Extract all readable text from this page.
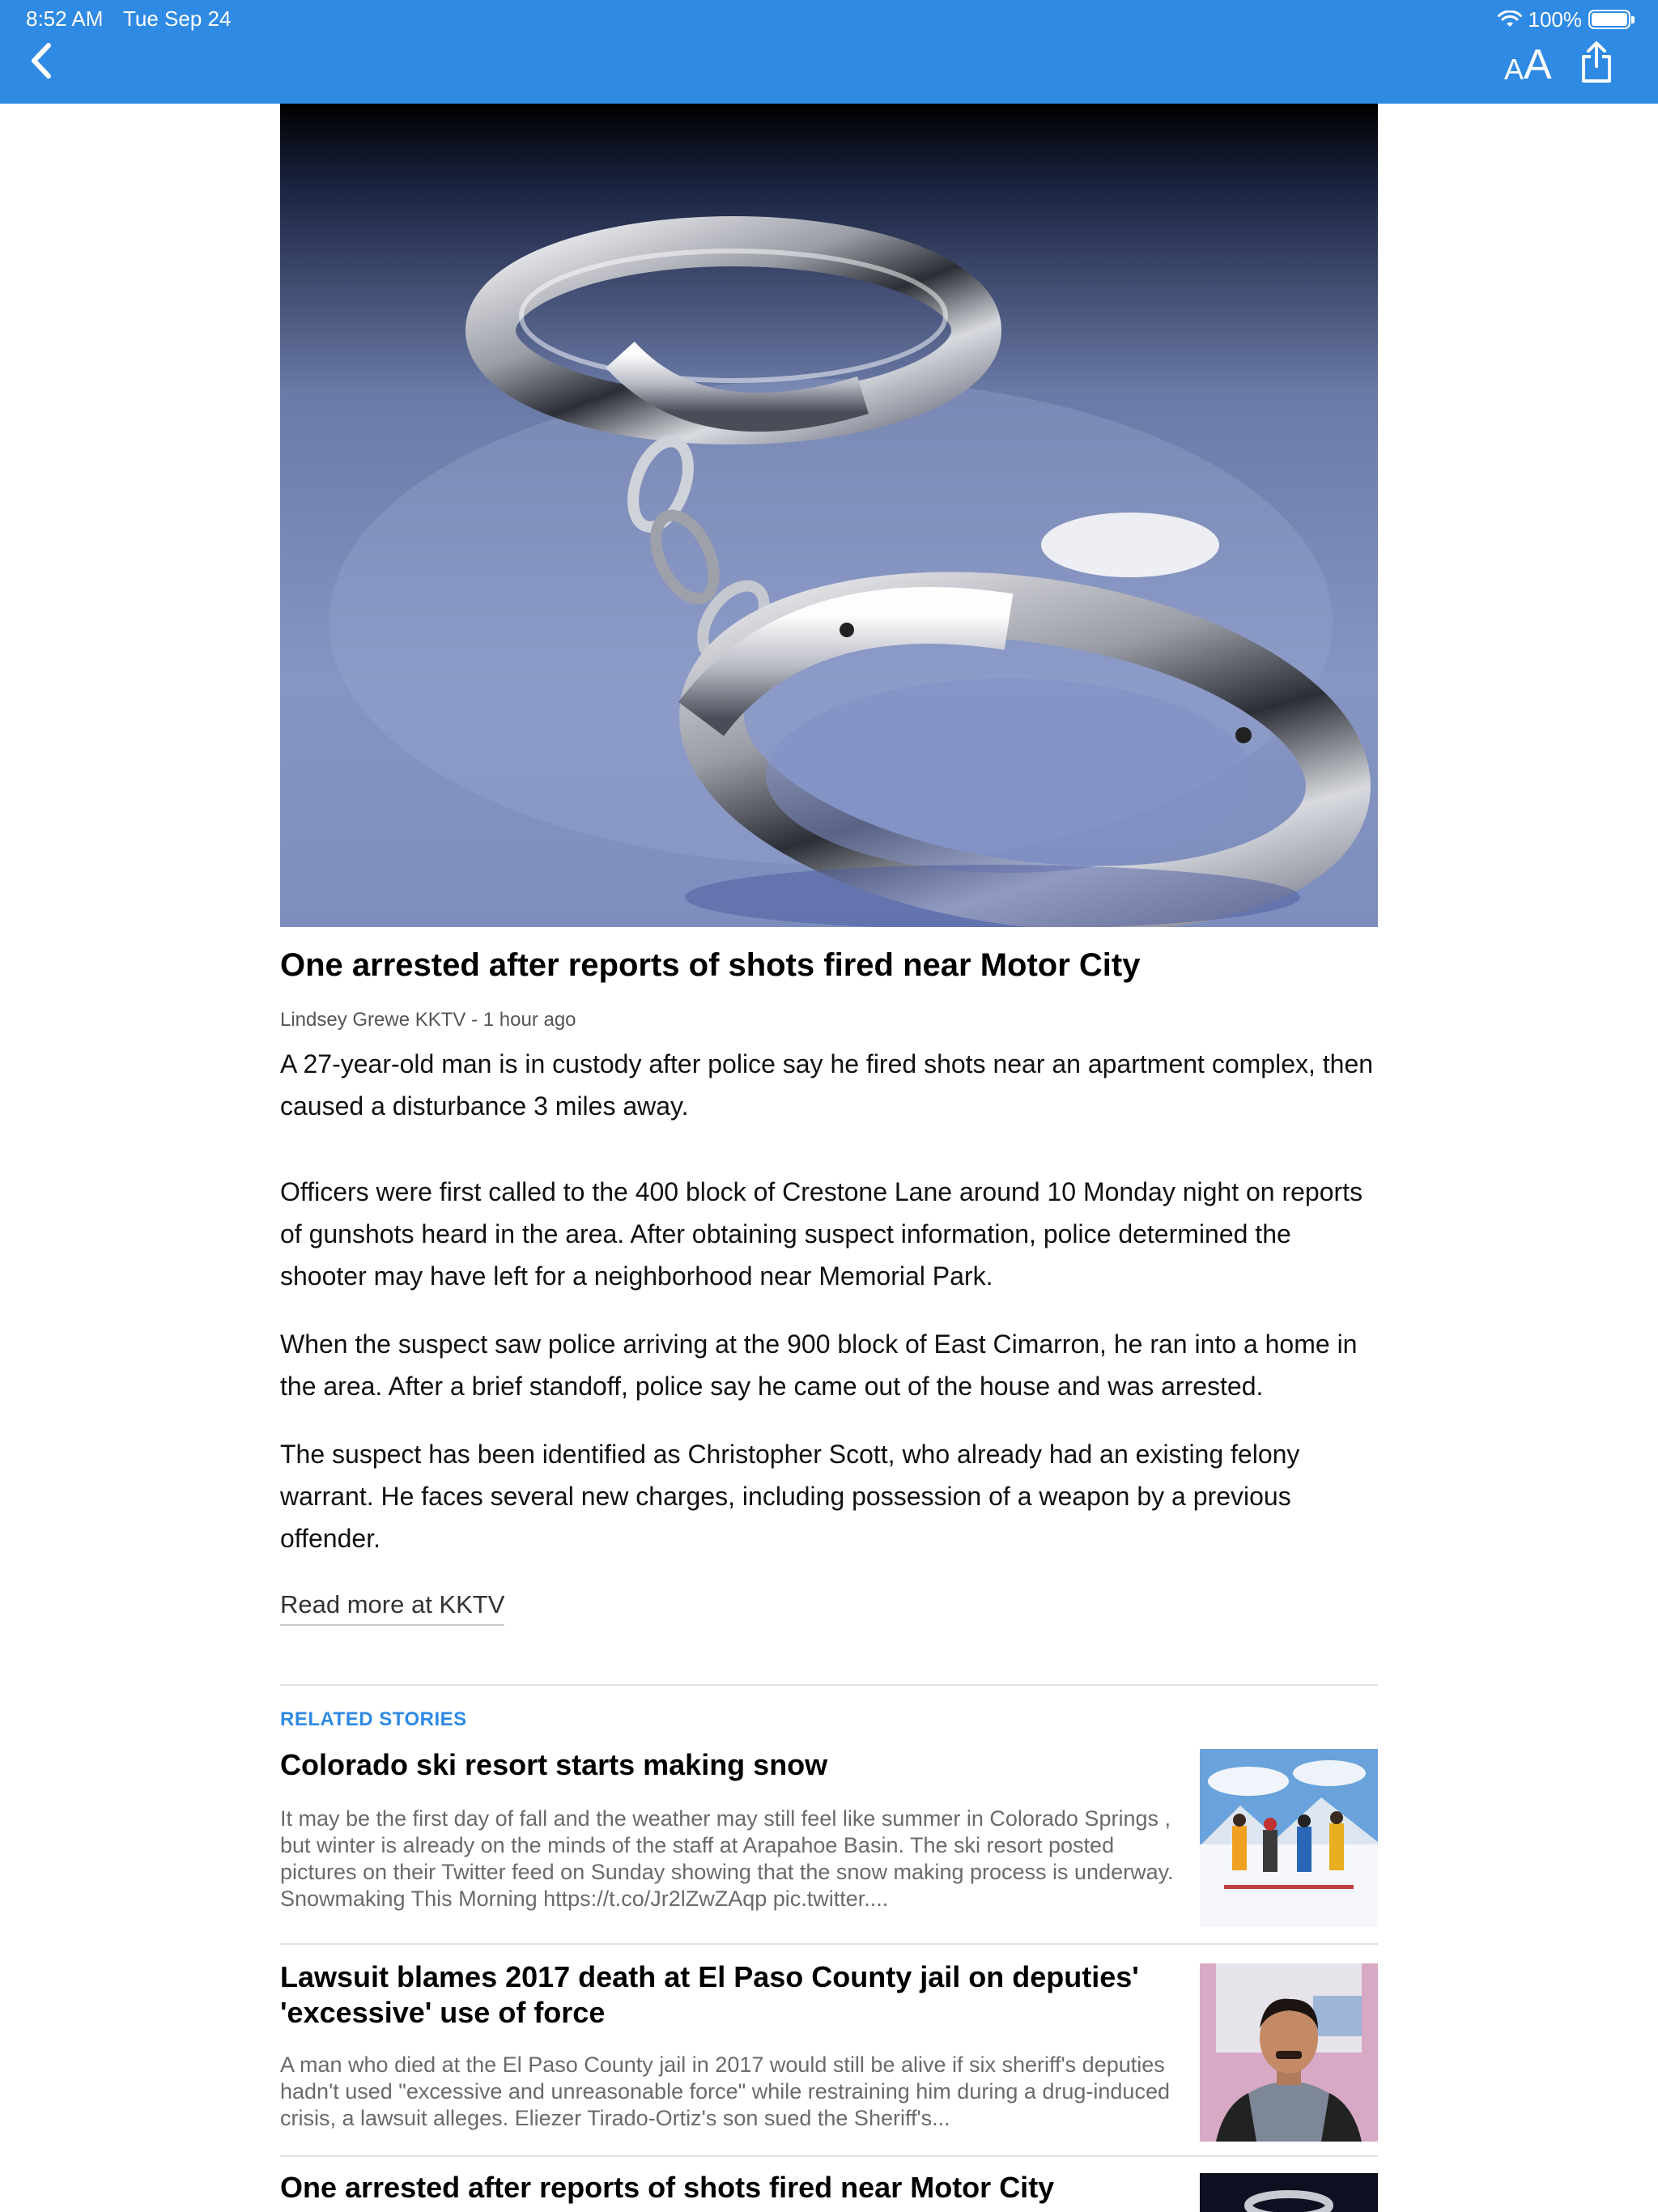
8:52 AM Tue Sep 24	100%
A A
One arrested after reports of shots fired near Motor City
Lindsey Grewe KKTV - 1 hour ago

A 27-year-old man is in custody after police say he fired shots near an apartment complex, then caused a disturbance 3 miles away.

Officers were first called to the 400 block of Crestone Lane around 10 Monday night on reports of gunshots heard in the area. After obtaining suspect information, police determined the shooter may have left for a neighborhood near Memorial Park.

When the suspect saw police arriving at the 900 block of East Cimarron, he ran into a home in the area. After a brief standoff, police say he came out of the house and was arrested.

The suspect has been identified as Christopher Scott, who already had an existing felony warrant. He faces several new charges, including possession of a weapon by a previous offender.

Read more at KKTV
RELATED STORIES
Colorado ski resort starts making snow
It may be the first day of fall and the weather may still feel like summer in Colorado Springs , but winter is already on the minds of the staff at Arapahoe Basin. The ski resort posted pictures on their Twitter feed on Sunday showing that the snow making process is underway. Snowmaking This Morning https://t.co/Jr2lZwZAqp pic.twitter....
Lawsuit blames 2017 death at El Paso County jail on deputies' 'excessive' use of force
A man who died at the El Paso County jail in 2017 would still be alive if six sheriff's deputies hadn't used "excessive and unreasonable force" while restraining him during a drug-induced crisis, a lawsuit alleges. Eliezer Tirado-Ortiz's son sued the Sheriff's...
One arrested after reports of shots fired near Motor City
